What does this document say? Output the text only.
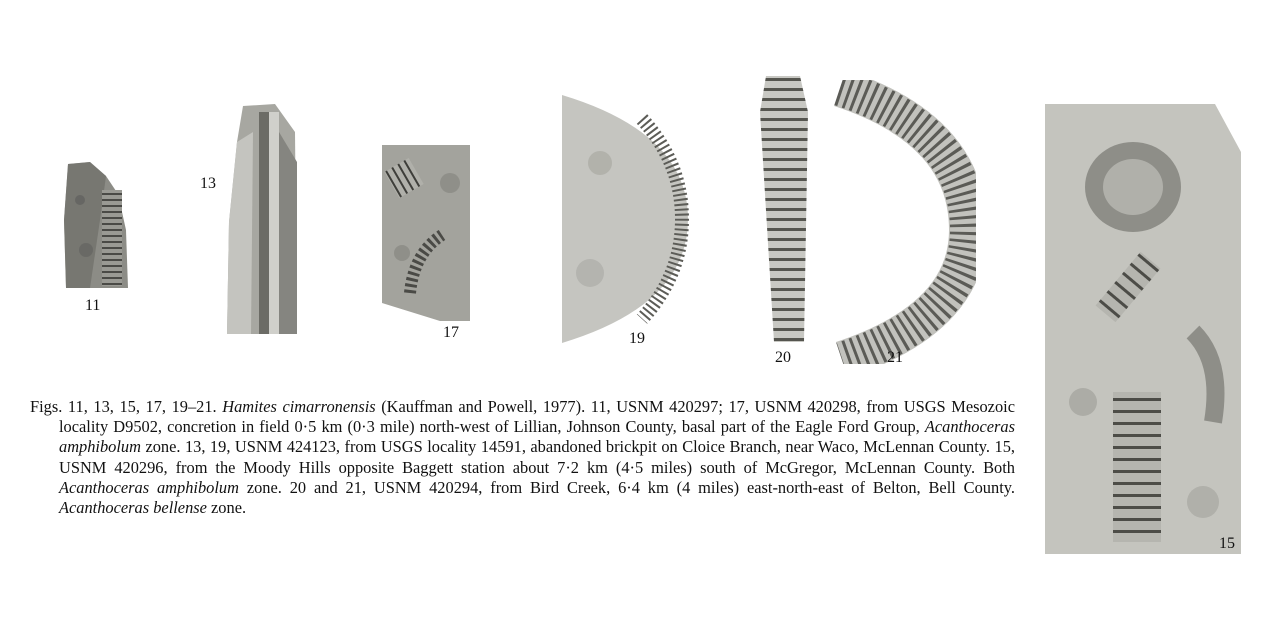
11
13
17	19
20	21
15

Figs. 11, 13, 15, 17, 19–21. Hamites cimarronensis (Kauffman and Powell, 1977). 11, USNM 420297; 17, USNM 420298, from USGS Mesozoic locality D9502, concretion in field 0·5 km (0·3 mile) north-west of Lillian, Johnson County, basal part of the Eagle Ford Group, Acanthoceras amphibolum zone. 13, 19, USNM 424123, from USGS locality 14591, abandoned brickpit on Cloice Branch, near Waco, McLennan County. 15, USNM 420296, from the Moody Hills opposite Baggett station about 7·2 km (4·5 miles) south of McGregor, McLennan County. Both Acanthoceras amphibolum zone. 20 and 21, USNM 420294, from Bird Creek, 6·4 km (4 miles) east-north-east of Belton, Bell County. Acanthoceras bellense zone.
